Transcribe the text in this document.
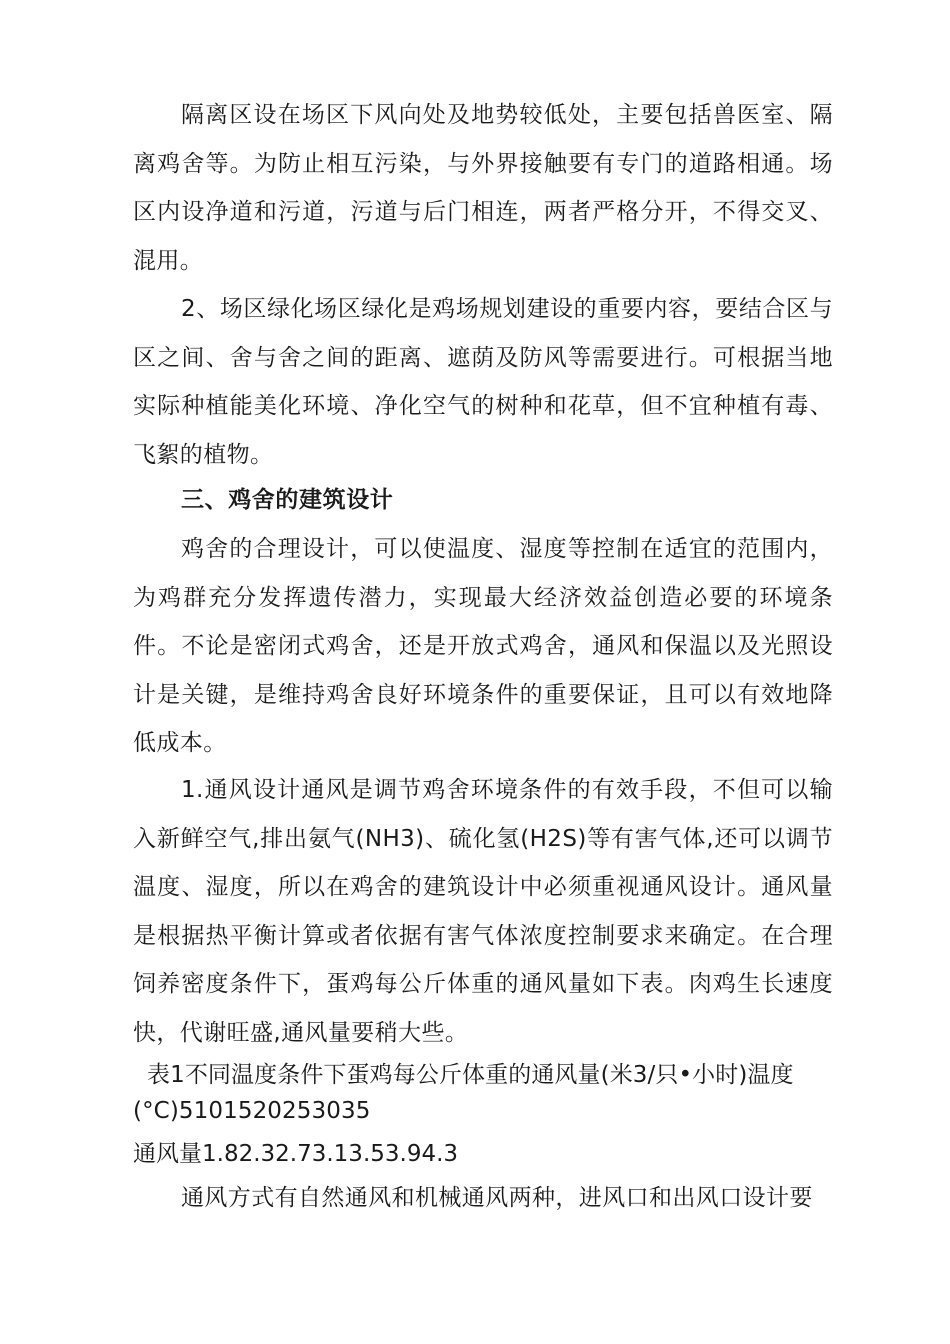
隔离区设在场区下风向处及地势较低处，主要包括兽医室、隔离鸡舍等。为防止相互污染，与外界接触要有专门的道路相通。场区内设净道和污道，污道与后门相连，两者严格分开，不得交叉、混用。

2、场区绿化场区绿化是鸡场规划建设的重要内容，要结合区与区之间、舍与舍之间的距离、遮荫及防风等需要进行。可根据当地实际种植能美化环境、净化空气的树种和花草，但不宜种植有毒、飞絮的植物。

三、鸡舍的建筑设计

鸡舍的合理设计，可以使温度、湿度等控制在适宜的范围内，为鸡群充分发挥遗传潜力，实现最大经济效益创造必要的环境条件。不论是密闭式鸡舍，还是开放式鸡舍，通风和保温以及光照设计是关键，是维持鸡舍良好环境条件的重要保证，且可以有效地降低成本。

1.通风设计通风是调节鸡舍环境条件的有效手段，不但可以输入新鲜空气,排出氨气(NH3)、硫化氢(H2S)等有害气体,还可以调节温度、湿度，所以在鸡舍的建筑设计中必须重视通风设计。通风量是根据热平衡计算或者依据有害气体浓度控制要求来确定。在合理饲养密度条件下，蛋鸡每公斤体重的通风量如下表。肉鸡生长速度快，代谢旺盛,通风量要稍大些。

表1不同温度条件下蛋鸡每公斤体重的通风量(米3/只•小时)温度(°C)5101520253035

通风量1.82.32.73.13.53.94.3

通风方式有自然通风和机械通风两种，进风口和出风口设计要
